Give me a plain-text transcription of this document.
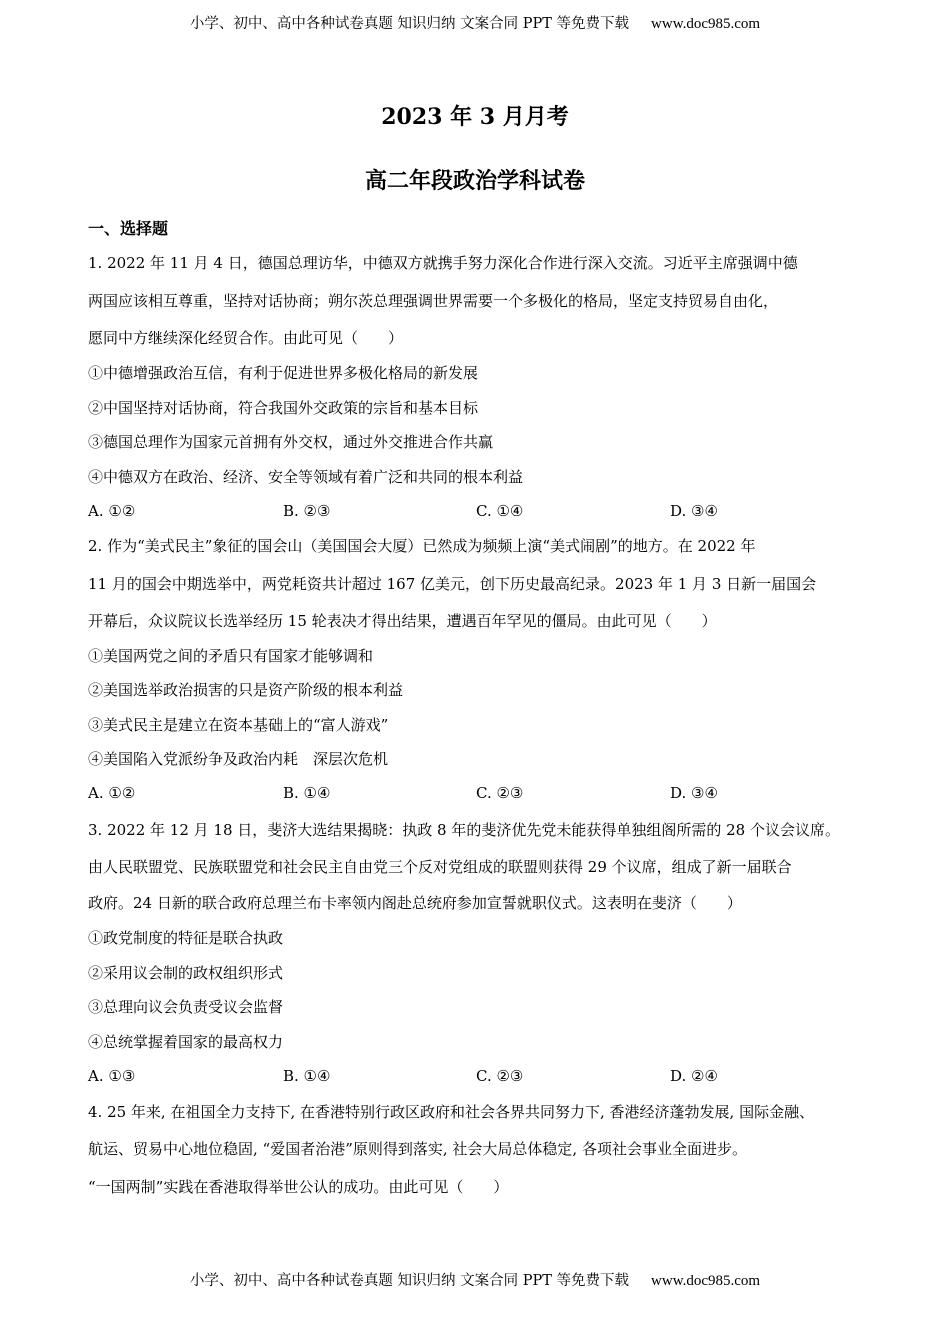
小学、初中、高中各种试卷真题 知识归纳 文案合同 PPT 等免费下载 www.doc985.com
2023 年 3 月月考
高二年段政治学科试卷
一、选择题
1. 2022 年 11 月 4 日，德国总理访华，中德双方就携手努力深化合作进行深入交流。习近平主席强调中德
两国应该相互尊重，坚持对话协商；朔尔茨总理强调世界需要一个多极化的格局，坚定支持贸易自由化，
愿同中方继续深化经贸合作。由此可见（　　）
①中德增强政治互信，有利于促进世界多极化格局的新发展
②中国坚持对话协商，符合我国外交政策的宗旨和基本目标
③德国总理作为国家元首拥有外交权，通过外交推进合作共赢
④中德双方在政治、经济、安全等领域有着广泛和共同的根本利益
A. ①②	B. ②③	C. ①④	D. ③④
2. 作为“美式民主”象征的国会山（美国国会大厦）已然成为频频上演“美式闹剧”的地方。在 2022 年
11 月的国会中期选举中，两党耗资共计超过 167 亿美元，创下历史最高纪录。2023 年 1 月 3 日新一届国会
开幕后，众议院议长选举经历 15 轮表决才得出结果，遭遇百年罕见的僵局。由此可见（　　）
①美国两党之间的矛盾只有国家才能够调和
②美国选举政治损害的只是资产阶级的根本利益
③美式民主是建立在资本基础上的“富人游戏”
④美国陷入党派纷争及政治内耗　深层次危机
A. ①②	B. ①④	C. ②③	D. ③④
3. 2022 年 12 月 18 日，斐济大选结果揭晓：执政 8 年的斐济优先党未能获得单独组阁所需的 28 个议会议席。
由人民联盟党、民族联盟党和社会民主自由党三个反对党组成的联盟则获得 29 个议席，组成了新一届联合
政府。24 日新的联合政府总理兰布卡率领内阁赴总统府参加宣誓就职仪式。这表明在斐济（　　）
①政党制度的特征是联合执政
②采用议会制的政权组织形式
③总理向议会负责受议会监督
④总统掌握着国家的最高权力
A. ①③	B. ①④	C. ②③	D. ②④
4. 25 年来, 在祖国全力支持下, 在香港特别行政区政府和社会各界共同努力下, 香港经济蓬勃发展, 国际金融、
航运、贸易中心地位稳固, “爱国者治港”原则得到落实, 社会大局总体稳定, 各项社会事业全面进步。
“一国两制”实践在香港取得举世公认的成功。由此可见（　　）
小学、初中、高中各种试卷真题 知识归纳 文案合同 PPT 等免费下载 www.doc985.com
